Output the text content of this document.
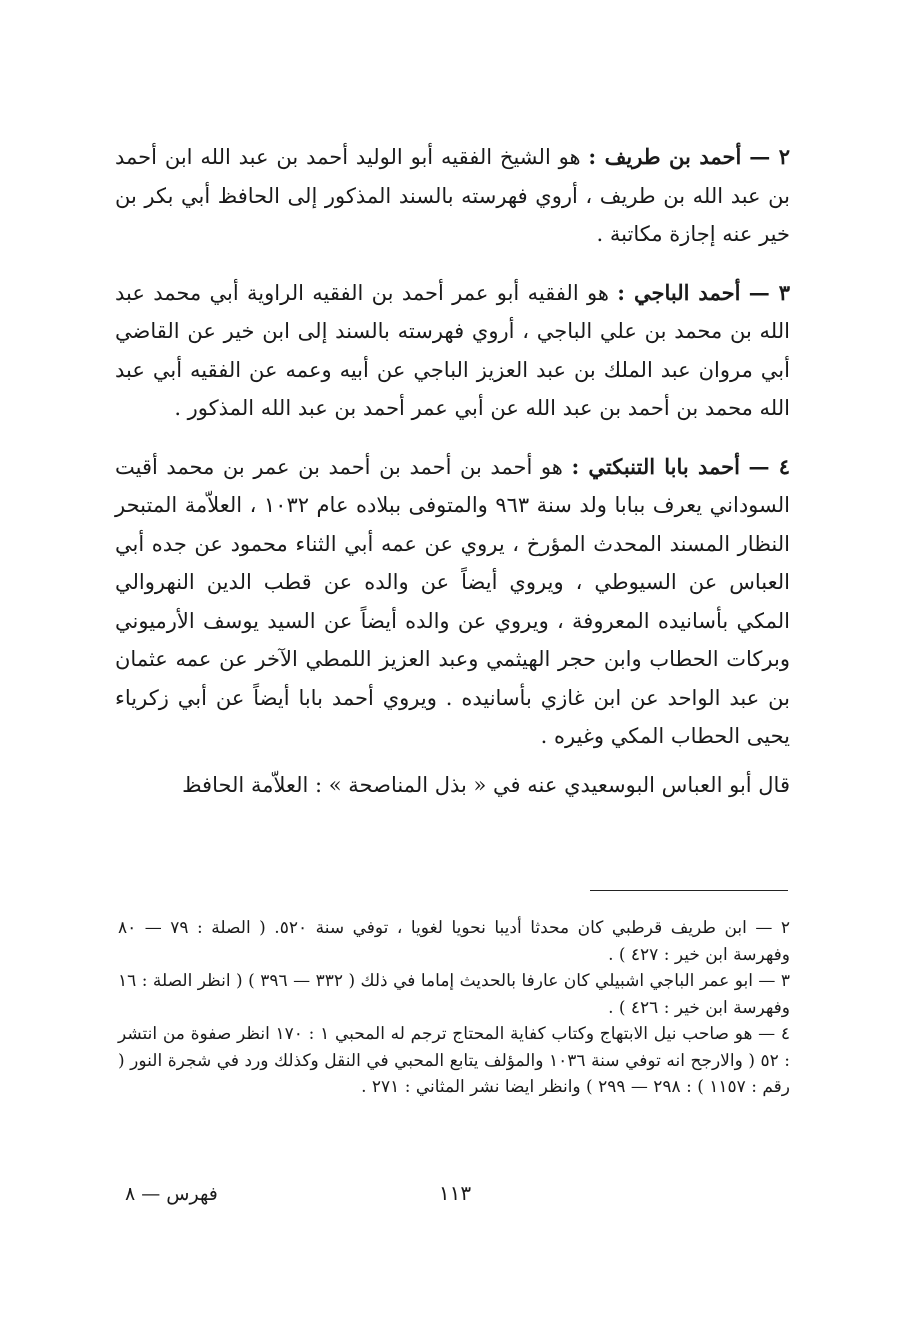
٢ — أحمد بن طريف : هو الشيخ الفقيه أبو الوليد أحمد بن عبد الله ابن أحمد بن عبد الله بن طريف ، أروي فهرسته بالسند المذكور إلى الحافظ أبي بكر بن خير عنه إجازة مكاتبة .

٣ — أحمد الباجي : هو الفقيه أبو عمر أحمد بن الفقيه الراوية أبي محمد عبد الله بن محمد بن علي الباجي ، أروي فهرسته بالسند إلى ابن خير عن القاضي أبي مروان عبد الملك بن عبد العزيز الباجي عن أبيه وعمه عن الفقيه أبي عبد الله محمد بن أحمد بن عبد الله عن أبي عمر أحمد بن عبد الله المذكور .

٤ — أحمد بابا التنبكتي : هو أحمد بن أحمد بن أحمد بن عمر بن محمد أقيت السوداني يعرف ببابا ولد سنة ٩٦٣ والمتوفى ببلاده عام ١٠٣٢ ، العلاّمة المتبحر النظار المسند المحدث المؤرخ ، يروي عن عمه أبي الثناء محمود عن جده أبي العباس عن السيوطي ، ويروي أيضاً عن والده عن قطب الدين النهروالي المكي بأسانيده المعروفة ، ويروي عن والده أيضاً عن السيد يوسف الأرميوني وبركات الحطاب وابن حجر الهيثمي وعبد العزيز اللمطي الآخر عن عمه عثمان بن عبد الواحد عن ابن غازي بأسانيده . ويروي أحمد بابا أيضاً عن أبي زكرياء يحيى الحطاب المكي وغيره .

قال أبو العباس البوسعيدي عنه في « بذل المناصحة » : العلاّمة الحافظ

٢ — ابن طريف قرطبي كان محدثا أديبا نحويا لغويا ، توفي سنة ٥٢٠. ( الصلة : ٧٩ — ٨٠ وفهرسة ابن خير : ٤٢٧ ) .

٣ — ابو عمر الباجي اشبيلي كان عارفا بالحديث إماما في ذلك ( ٣٣٢ — ٣٩٦ ) ( انظر الصلة : ١٦ وفهرسة ابن خير : ٤٢٦ ) .

٤ — هو صاحب نيل الابتهاج وكتاب كفاية المحتاج ترجم له المحبي ١ : ١٧٠ انظر صفوة من انتشر : ٥٢ ( والارجح انه توفي سنة ١٠٣٦ والمؤلف يتابع المحبي في النقل وكذلك ورد في شجرة النور ( رقم : ١١٥٧ ) : ٢٩٨ — ٢٩٩ ) وانظر ايضا نشر المثاني : ٢٧١ .

فهرس — ٨	١١٣
